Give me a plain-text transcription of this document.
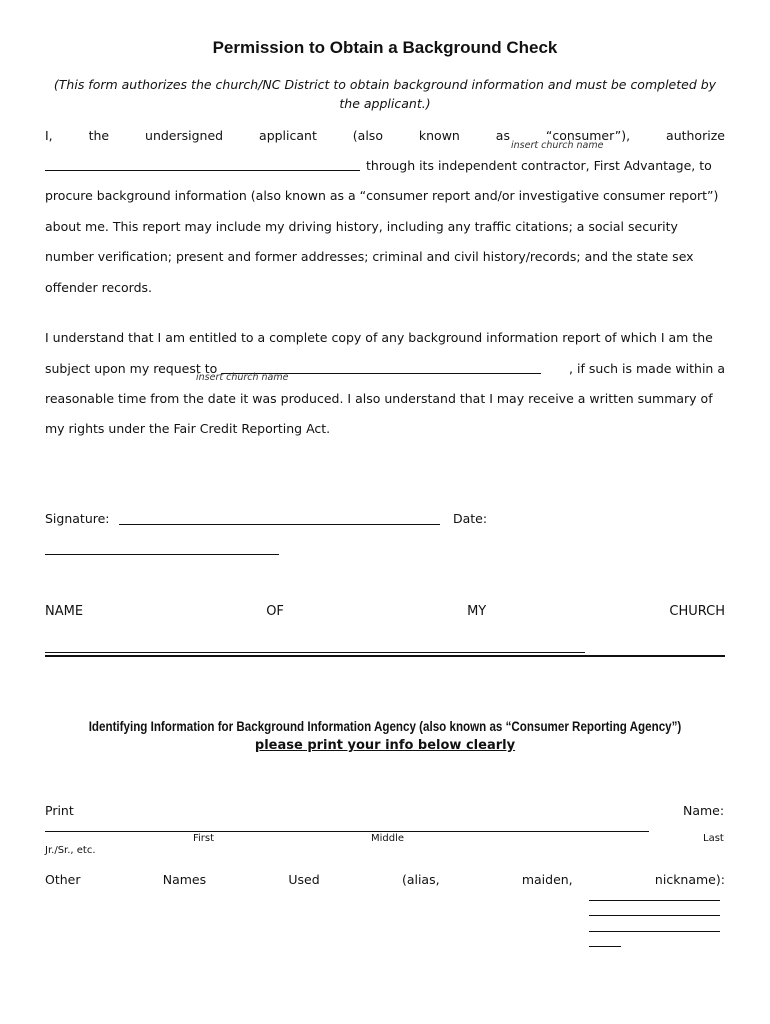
Permission to Obtain a Background Check
(This form authorizes the church/NC District to obtain background information and must be completed by the applicant.)
I,	the	undersigned	applicant	(also	known	as	“consumer”),	authorize
insert church name
through its independent contractor, First Advantage, to
procure background information (also known as a “consumer report and/or investigative consumer report”)
about me. This report may include my driving history, including any traffic citations; a social security
number verification; present and former addresses; criminal and civil history/records; and the state sex
offender records.
I understand that I am entitled to a complete copy of any background information report of which I am the
subject upon my request to	, if such is made within a
insert church name
reasonable time from the date it was produced. I also understand that I may receive a written summary of
my rights under the Fair Credit Reporting Act.
Signature:	Date:
NAME	OF	MY	CHURCH
Identifying Information for Background Information Agency (also known as “Consumer Reporting Agency”)
please print your info below clearly
Print	Name:
First	Middle	Last
Jr./Sr., etc.
Other	Names	Used	(alias,	maiden,	nickname):
